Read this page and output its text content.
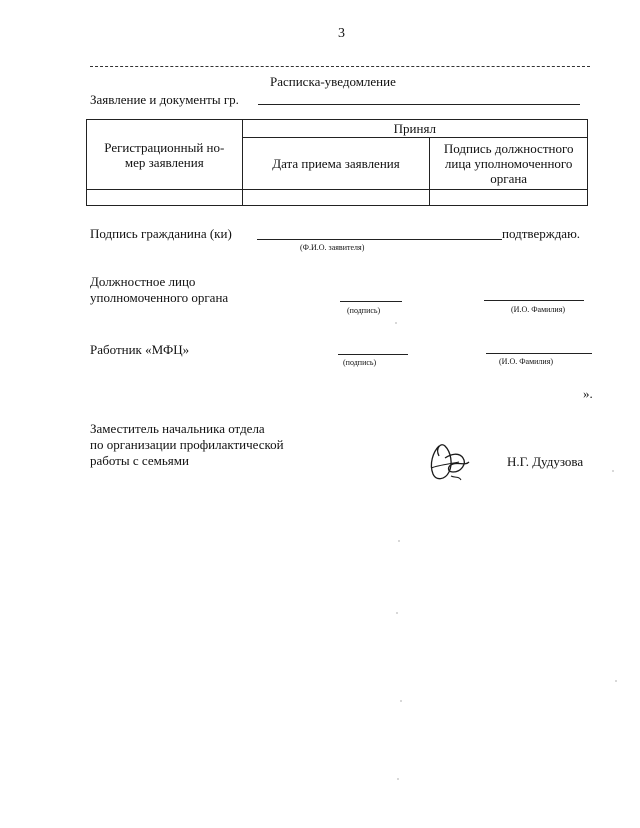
3
Расписка-уведомление
Заявление и документы гр.
Регистрационный но-
мер заявления	Принял	
	Дата приема заявления	Подпись должностного
лица уполномоченного
органа

Подпись гражданина (ки)	подтверждаю.
(Ф.И.О. заявителя)
Должностное лицо
уполномоченного органа
(подпись)	(И.О. Фамилия)
Работник «МФЦ»
(подпись)	(И.О. Фамилия)
».
Заместитель начальника отдела
по организации профилактической
работы с семьями	Н.Г. Дудузова
